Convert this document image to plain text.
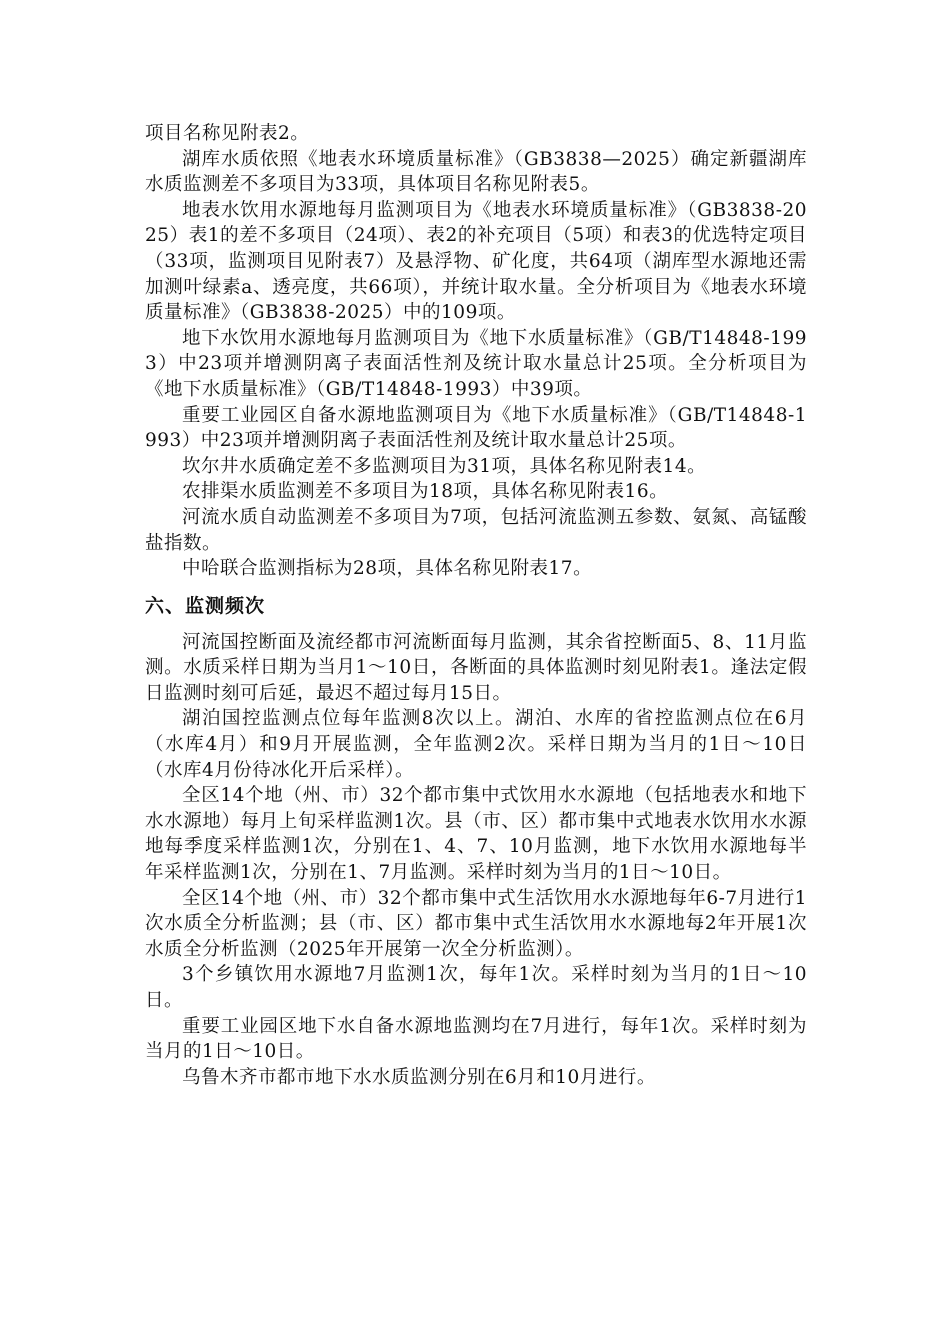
项目名称见附表2。

湖库水质依照《地表水环境质量标准》（GB3838—2025）确定新疆湖库水质监测差不多项目为33项，具体项目名称见附表5。

地表水饮用水源地每月监测项目为《地表水环境质量标准》（GB3838-2025）表1的差不多项目（24项）、表2的补充项目（5项）和表3的优选特定项目（33项，监测项目见附表7）及悬浮物、矿化度，共64项（湖库型水源地还需加测叶绿素a、透亮度，共66项），并统计取水量。全分析项目为《地表水环境质量标准》（GB3838-2025）中的109项。

地下水饮用水源地每月监测项目为《地下水质量标准》（GB/T14848-1993）中23项并增测阴离子表面活性剂及统计取水量总计25项。全分析项目为《地下水质量标准》（GB/T14848-1993）中39项。

重要工业园区自备水源地监测项目为《地下水质量标准》（GB/T14848-1993）中23项并增测阴离子表面活性剂及统计取水量总计25项。

坎尔井水质确定差不多监测项目为31项，具体名称见附表14。

农排渠水质监测差不多项目为18项，具体名称见附表16。

河流水质自动监测差不多项目为7项，包括河流监测五参数、氨氮、高锰酸盐指数。

中哈联合监测指标为28项，具体名称见附表17。

六、监测频次

河流国控断面及流经都市河流断面每月监测，其余省控断面5、8、11月监测。水质采样日期为当月1～10日，各断面的具体监测时刻见附表1。逢法定假日监测时刻可后延，最迟不超过每月15日。

湖泊国控监测点位每年监测8次以上。湖泊、水库的省控监测点位在6月（水库4月）和9月开展监测，全年监测2次。采样日期为当月的1日～10日（水库4月份待冰化开后采样）。

全区14个地（州、市）32个都市集中式饮用水水源地（包括地表水和地下水水源地）每月上旬采样监测1次。县（市、区）都市集中式地表水饮用水水源地每季度采样监测1次，分别在1、4、7、10月监测，地下水饮用水源地每半年采样监测1次，分别在1、7月监测。采样时刻为当月的1日～10日。

全区14个地（州、市）32个都市集中式生活饮用水水源地每年6-7月进行1次水质全分析监测；县（市、区）都市集中式生活饮用水水源地每2年开展1次水质全分析监测（2025年开展第一次全分析监测）。

3个乡镇饮用水源地7月监测1次，每年1次。采样时刻为当月的1日～10日。

重要工业园区地下水自备水源地监测均在7月进行，每年1次。采样时刻为当月的1日～10日。

乌鲁木齐市都市地下水水质监测分别在6月和10月进行。
